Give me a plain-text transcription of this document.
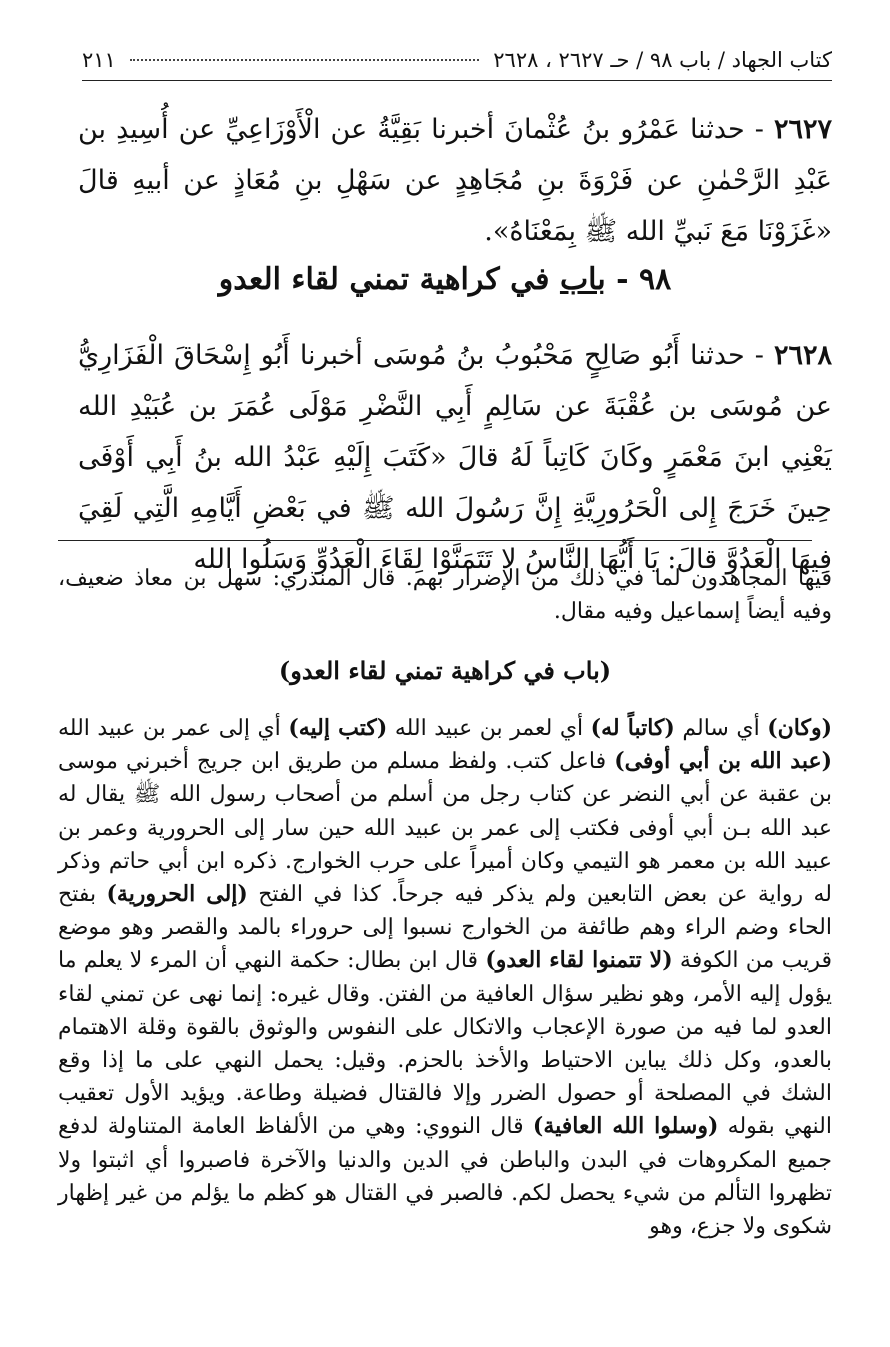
كتاب الجهاد / باب ٩٨ / حـ ٢٦٢٧ ، ٢٦٢٨
٢١١
٢٦٢٧ - حدثنا عَمْرُو بنُ عُثْمانَ أخبرنا بَقِيَّةُ عن الْأَوْزَاعِيِّ عن أُسِيدِ بن عَبْدِ الرَّحْمٰنِ عن فَرْوَةَ بنِ مُجَاهِدٍ عن سَهْلِ بنِ مُعَاذٍ عن أبيهِ قالَ «غَزَوْنَا مَعَ نَبيِّ الله ﷺ بِمَعْنَاهُ».
٩٨ - باب في كراهية تمني لقاء العدو
٢٦٢٨ - حدثنا أَبُو صَالِحٍ مَحْبُوبُ بنُ مُوسَى أخبرنا أَبُو إِسْحَاقَ الْفَزَارِيُّ عن مُوسَى بن عُقْبَةَ عن سَالِمٍ أَبِي النَّضْرِ مَوْلَى عُمَرَ بن عُبَيْدِ الله يَعْنِي ابنَ مَعْمَرٍ وكَانَ كَاتِباً لَهُ قالَ «كَتَبَ إِلَيْهِ عَبْدُ الله بنُ أَبِي أَوْفَى حِينَ خَرَجَ إِلى الْحَرُورِيَّةِ إِنَّ رَسُولَ الله ﷺ في بَعْضِ أَيَّامِهِ الَّتِي لَقِيَ فِيهَا الْعَدُوَّ قالَ: يَا أَيُّهَا النَّاسُ لا تَتَمَنَّوْا لِقَاءَ الْعَدُوِّ وَسَلُوا الله
فيها المجاهدون لما في ذلك من الإضرار بهم. قال المنذري: سهل بن معاذ ضعيف، وفيه أيضاً إسماعيل وفيه مقال.
(باب في كراهية تمني لقاء العدو)
(وكان) أي سالم (كاتباً له) أي لعمر بن عبيد الله (كتب إليه) أي إلى عمر بن عبيد الله (عبد الله بن أبي أوفى) فاعل كتب. ولفظ مسلم من طريق ابن جريج أخبرني موسى بن عقبة عن أبي النضر عن كتاب رجل من أسلم من أصحاب رسول الله ﷺ يقال له عبد الله بـن أبي أوفى فكتب إلى عمر بن عبيد الله حين سار إلى الحرورية وعمر بن عبيد الله بن معمر هو التيمي وكان أميراً على حرب الخوارج. ذكره ابن أبي حاتم وذكر له رواية عن بعض التابعين ولم يذكر فيه جرحاً. كذا في الفتح (إلى الحرورية) بفتح الحاء وضم الراء وهم طائفة من الخوارج نسبوا إلى حروراء بالمد والقصر وهو موضع قريب من الكوفة (لا تتمنوا لقاء العدو) قال ابن بطال: حكمة النهي أن المرء لا يعلم ما يؤول إليه الأمر، وهو نظير سؤال العافية من الفتن. وقال غيره: إنما نهى عن تمني لقاء العدو لما فيه من صورة الإعجاب والاتكال على النفوس والوثوق بالقوة وقلة الاهتمام بالعدو، وكل ذلك يباين الاحتياط والأخذ بالحزم. وقيل: يحمل النهي على ما إذا وقع الشك في المصلحة أو حصول الضرر وإلا فالقتال فضيلة وطاعة. ويؤيد الأول تعقيب النهي بقوله (وسلوا الله العافية) قال النووي: وهي من الألفاظ العامة المتناولة لدفع جميع المكروهات في البدن والباطن في الدين والدنيا والآخرة فاصبروا أي اثبتوا ولا تظهروا التألم من شيء يحصل لكم. فالصبر في القتال هو كظم ما يؤلم من غير إظهار شكوى ولا جزع، وهو
